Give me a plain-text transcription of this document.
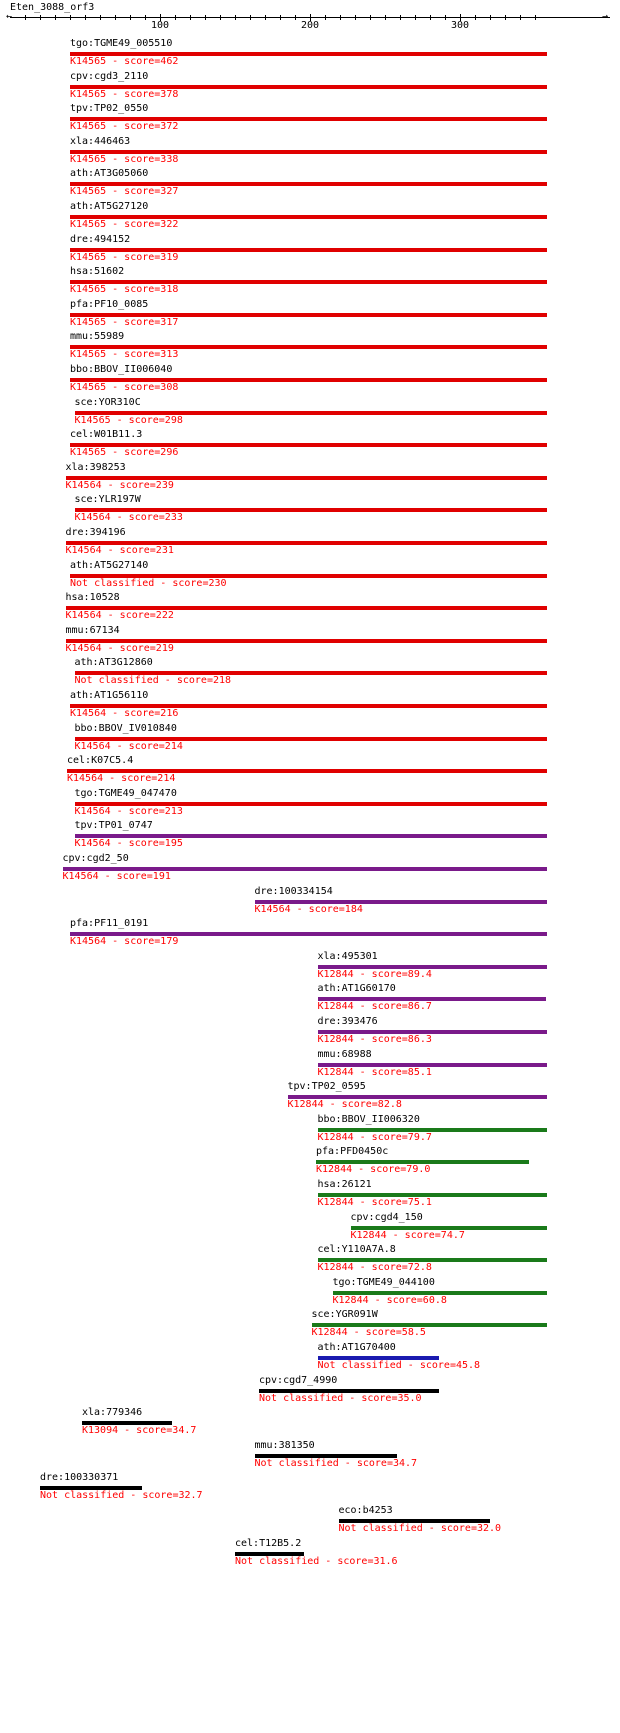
Eten_3088_orf3
←	→
100	200	300
tgo:TGME49_005510
K14565 - score=462
cpv:cgd3_2110
K14565 - score=378
tpv:TP02_0550
K14565 - score=372
xla:446463
K14565 - score=338
ath:AT3G05060
K14565 - score=327
ath:AT5G27120
K14565 - score=322
dre:494152
K14565 - score=319
hsa:51602
K14565 - score=318
pfa:PF10_0085
K14565 - score=317
mmu:55989
K14565 - score=313
bbo:BBOV_II006040
K14565 - score=308
sce:YOR310C
K14565 - score=298
cel:W01B11.3
K14565 - score=296
xla:398253
K14564 - score=239
sce:YLR197W
K14564 - score=233
dre:394196
K14564 - score=231
ath:AT5G27140
Not classified - score=230
hsa:10528
K14564 - score=222
mmu:67134
K14564 - score=219
ath:AT3G12860
Not classified - score=218
ath:AT1G56110
K14564 - score=216
bbo:BBOV_IV010840
K14564 - score=214
cel:K07C5.4
K14564 - score=214
tgo:TGME49_047470
K14564 - score=213
tpv:TP01_0747
K14564 - score=195
cpv:cgd2_50
K14564 - score=191
dre:100334154
K14564 - score=184
pfa:PF11_0191
K14564 - score=179
xla:495301
K12844 - score=89.4
ath:AT1G60170
K12844 - score=86.7
dre:393476
K12844 - score=86.3
mmu:68988
K12844 - score=85.1
tpv:TP02_0595
K12844 - score=82.8
bbo:BBOV_II006320
K12844 - score=79.7
pfa:PFD0450c
K12844 - score=79.0
hsa:26121
K12844 - score=75.1
cpv:cgd4_150
K12844 - score=74.7
cel:Y110A7A.8
K12844 - score=72.8
tgo:TGME49_044100
K12844 - score=60.8
sce:YGR091W
K12844 - score=58.5
ath:AT1G70400
Not classified - score=45.8
cpv:cgd7_4990
Not classified - score=35.0
xla:779346
K13094 - score=34.7
mmu:381350
Not classified - score=34.7
dre:100330371
Not classified - score=32.7
eco:b4253
Not classified - score=32.0
cel:T12B5.2
Not classified - score=31.6
